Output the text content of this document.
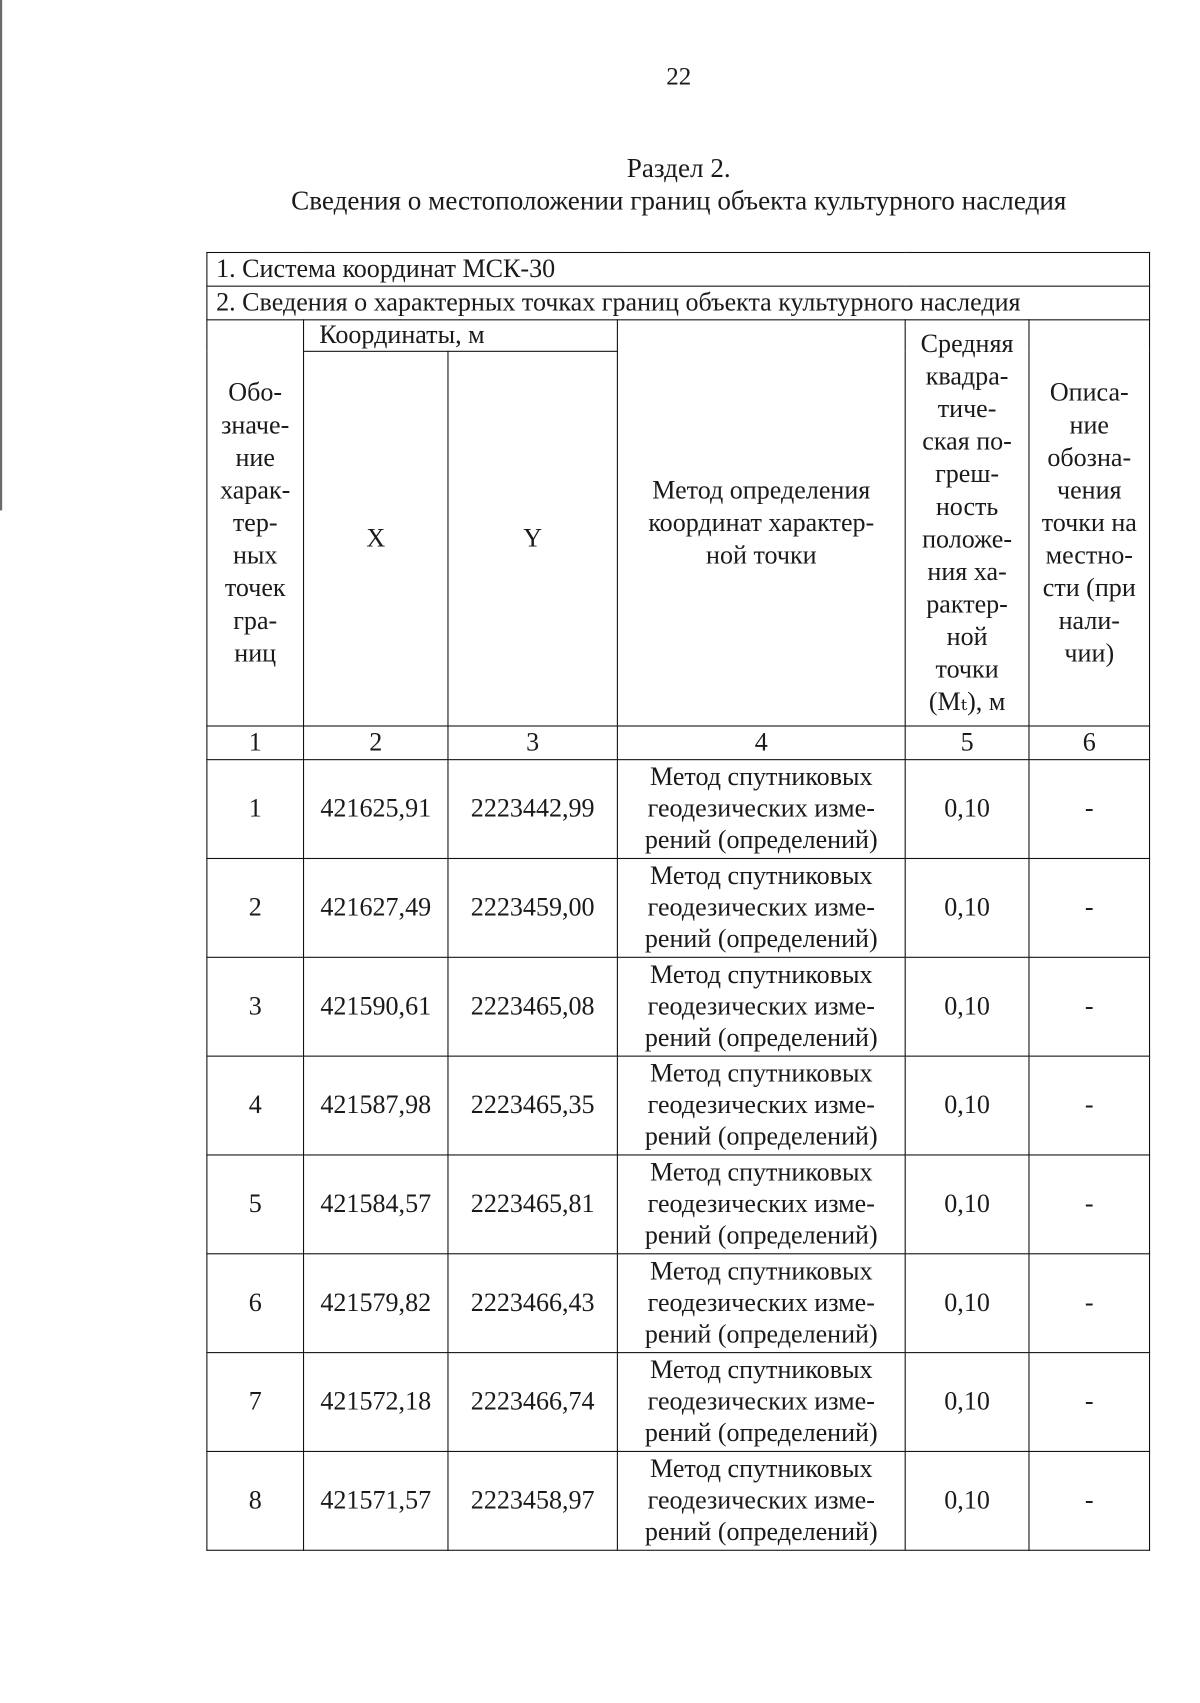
22
Раздел 2.
Сведения о местоположении границ объекта культурного наследия
1. Система координат МСК-30					
2. Сведения о характерных точках границ объекта культурного наследия					

Обо- значе- ние харак- тер- ных точек гра- ниц	Координаты, м		Метод определения координат характер- ной точки	Средняя квадра- тиче- ская по- греш- ность положе- ния ха- рактер- ной точки (Mₜ), м	Описа- ние обозна- чения точки на местно- сти (при нали- чии)

	X	Y			
1	2	3	4	5	6
1	421625,91	2223442,99	Метод спутниковых
геодезических изме-
рений (определений)	0,10	-
2	421627,49	2223459,00	Метод спутниковых
геодезических изме-
рений (определений)	0,10	-
3	421590,61	2223465,08	Метод спутниковых
геодезических изме-
рений (определений)	0,10	-
4	421587,98	2223465,35	Метод спутниковых
геодезических изме-
рений (определений)	0,10	-
5	421584,57	2223465,81	Метод спутниковых
геодезических изме-
рений (определений)	0,10	-
6	421579,82	2223466,43	Метод спутниковых
геодезических изме-
рений (определений)	0,10	-
7	421572,18	2223466,74	Метод спутниковых
геодезических изме-
рений (определений)	0,10	-
8	421571,57	2223458,97	Метод спутниковых
геодезических изме-
рений (определений)	0,10	-
